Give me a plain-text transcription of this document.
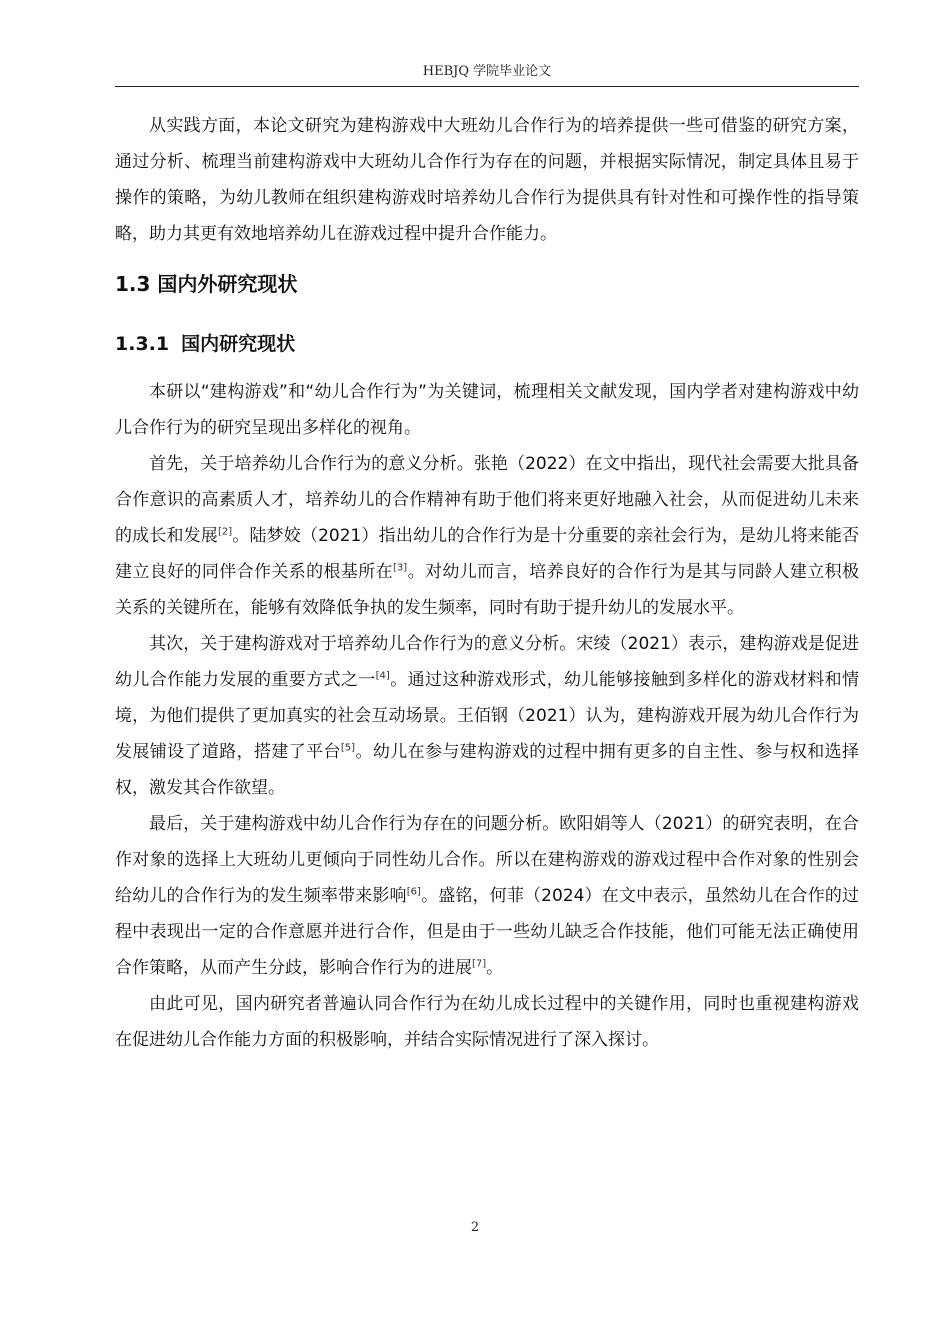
HEBJQ 学院毕业论文

从实践方面，本论文研究为建构游戏中大班幼儿合作行为的培养提供一些可借鉴的研究方案，通过分析、梳理当前建构游戏中大班幼儿合作行为存在的问题，并根据实际情况，制定具体且易于操作的策略，为幼儿教师在组织建构游戏时培养幼儿合作行为提供具有针对性和可操作性的指导策略，助力其更有效地培养幼儿在游戏过程中提升合作能力。

1.3 国内外研究现状
1.3.1 国内研究现状

本研以“建构游戏”和“幼儿合作行为”为关键词，梳理相关文献发现，国内学者对建构游戏中幼儿合作行为的研究呈现出多样化的视角。

首先，关于培养幼儿合作行为的意义分析。张艳（2022）在文中指出，现代社会需要大批具备合作意识的高素质人才，培养幼儿的合作精神有助于他们将来更好地融入社会，从而促进幼儿未来的成长和发展[2]。陆梦姣（2021）指出幼儿的合作行为是十分重要的亲社会行为，是幼儿将来能否建立良好的同伴合作关系的根基所在[3]。对幼儿而言，培养良好的合作行为是其与同龄人建立积极关系的关键所在，能够有效降低争执的发生频率，同时有助于提升幼儿的发展水平。

其次，关于建构游戏对于培养幼儿合作行为的意义分析。宋绫（2021）表示，建构游戏是促进幼儿合作能力发展的重要方式之一[4]。通过这种游戏形式，幼儿能够接触到多样化的游戏材料和情境，为他们提供了更加真实的社会互动场景。王佰钢（2021）认为，建构游戏开展为幼儿合作行为发展铺设了道路，搭建了平台[5]。幼儿在参与建构游戏的过程中拥有更多的自主性、参与权和选择权，激发其合作欲望。

最后，关于建构游戏中幼儿合作行为存在的问题分析。欧阳娟等人（2021）的研究表明，在合作对象的选择上大班幼儿更倾向于同性幼儿合作。所以在建构游戏的游戏过程中合作对象的性别会给幼儿的合作行为的发生频率带来影响[6]。盛铭，何菲（2024）在文中表示，虽然幼儿在合作的过程中表现出一定的合作意愿并进行合作，但是由于一些幼儿缺乏合作技能，他们可能无法正确使用合作策略，从而产生分歧，影响合作行为的进展[7]。

由此可见，国内研究者普遍认同合作行为在幼儿成长过程中的关键作用，同时也重视建构游戏在促进幼儿合作能力方面的积极影响，并结合实际情况进行了深入探讨。

2
